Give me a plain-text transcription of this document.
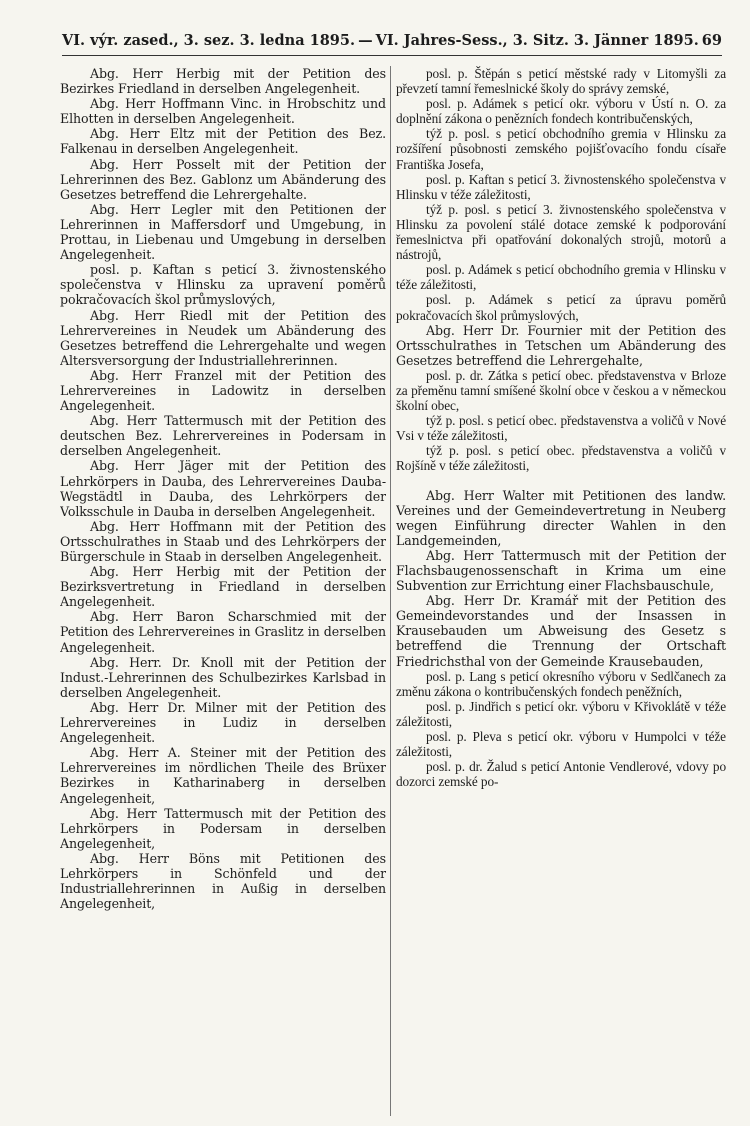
VI. výr. zased., 3. sez. 3. ledna 1895. — VI. Jahres-Sess., 3. Sitz. 3. Jänner 1895. 69

Abg. Herr Herbig mit der Petition des Bezirkes Friedland in derselben Angelegenheit.

Abg. Herr Hoffmann Vinc. in Hrobschitz und Elhotten in derselben Angelegenheit.

Abg. Herr Eltz mit der Petition des Bez. Falkenau in derselben Angelegenheit.

Abg. Herr Posselt mit der Petition der Lehrerinnen des Bez. Gablonz um Abänderung des Gesetzes betreffend die Lehrergehalte.

Abg. Herr Legler mit den Petitionen der Lehrerinnen in Maffersdorf und Umgebung, in Prottau, in Liebenau und Umgebung in derselben Angelegenheit.

posl. p. Kaftan s peticí 3. živnostenského společenstva v Hlinsku za upravení poměrů pokračovacích škol průmyslových,

Abg. Herr Riedl mit der Petition des Lehrervereines in Neudek um Abänderung des Gesetzes betreffend die Lehrergehalte und wegen Altersversorgung der Industriallehrerinnen.

Abg. Herr Franzel mit der Petition des Lehrervereines in Ladowitz in derselben Angelegenheit.

Abg. Herr Tattermusch mit der Petition des deutschen Bez. Lehrervereines in Podersam in derselben Angelegenheit.

Abg. Herr Jäger mit der Petition des Lehrkörpers in Dauba, des Lehrervereines Dauba-Wegstädtl in Dauba, des Lehrkörpers der Volksschule in Dauba in derselben Angelegenheit.

Abg. Herr Hoffmann mit der Petition des Ortsschulrathes in Staab und des Lehrkörpers der Bürgerschule in Staab in derselben Angelegenheit.

Abg. Herr Herbig mit der Petition der Bezirksvertretung in Friedland in derselben Angelegenheit.

Abg. Herr Baron Scharschmied mit der Petition des Lehrervereines in Graslitz in derselben Angelegenheit.

Abg. Herr. Dr. Knoll mit der Petition der Indust.-Lehrerinnen des Schulbezirkes Karlsbad in derselben Angelegenheit.

Abg. Herr Dr. Milner mit der Petition des Lehrervereines in Ludiz in derselben Angelegenheit.

Abg. Herr A. Steiner mit der Petition des Lehrervereines im nördlichen Theile des Brüxer Bezirkes in Katharinaberg in derselben Angelegenheit,

Abg. Herr Tattermusch mit der Petition des Lehrkörpers in Podersam in derselben Angelegenheit,

Abg. Herr Böns mit Petitionen des Lehrkörpers in Schönfeld und der Industriallehrerinnen in Außig in derselben Angelegenheit,

posl. p. Štěpán s peticí městské rady v Litomyšli za převzetí tamní řemeslnické školy do správy zemské,

posl. p. Adámek s peticí okr. výboru v Ústí n. O. za doplnění zákona o penězních fondech kontribučenských,

týž p. posl. s peticí obchodního gremia v Hlinsku za rozšíření působnosti zemského pojišťovacího fondu císaře Františka Josefa,

posl. p. Kaftan s peticí 3. živnostenského společenstva v Hlinsku v téže záležitosti,

týž p. posl. s peticí 3. živnostenského společenstva v Hlinsku za povolení stálé dotace zemské k podporování řemeslnictva při opatřování dokonalých strojů, motorů a nástrojů,

posl. p. Adámek s peticí obchodního gremia v Hlinsku v téže záležitosti,

posl. p. Adámek s peticí za úpravu poměrů pokračovacích škol průmyslových,

Abg. Herr Dr. Fournier mit der Petition des Ortsschulrathes in Tetschen um Abänderung des Gesetzes betreffend die Lehrergehalte,

posl. p. dr. Zátka s peticí obec. představenstva v Brloze za přeměnu tamní smíšené školní obce v českou a v německou školní obec,

týž p. posl. s peticí obec. představenstva a voličů v Nové Vsi v téže záležitosti,

týž p. posl. s peticí obec. představenstva a voličů v Rojšíně v téže záležitosti,

Abg. Herr Walter mit Petitionen des landw. Vereines und der Gemeindevertretung in Neuberg wegen Einführung directer Wahlen in den Landgemeinden,

Abg. Herr Tattermusch mit der Petition der Flachsbaugenossenschaft in Krima um eine Subvention zur Errichtung einer Flachsbauschule,

Abg. Herr Dr. Kramář mit der Petition des Gemeindevorstandes und der Insassen in Krausebauden um Abweisung des Gesetz s betreffend die Trennung der Ortschaft Friedrichsthal von der Gemeinde Krausebauden,

posl. p. Lang s peticí okresního výboru v Sedlčanech za změnu zákona o kontribučenských fondech peněžních,

posl. p. Jindřich s peticí okr. výboru v Křivoklátě v téže záležitosti,

posl. p. Pleva s peticí okr. výboru v Humpolci v téže záležitosti,

posl. p. dr. Žalud s peticí Antonie Vendlerové, vdovy po dozorci zemské po-
